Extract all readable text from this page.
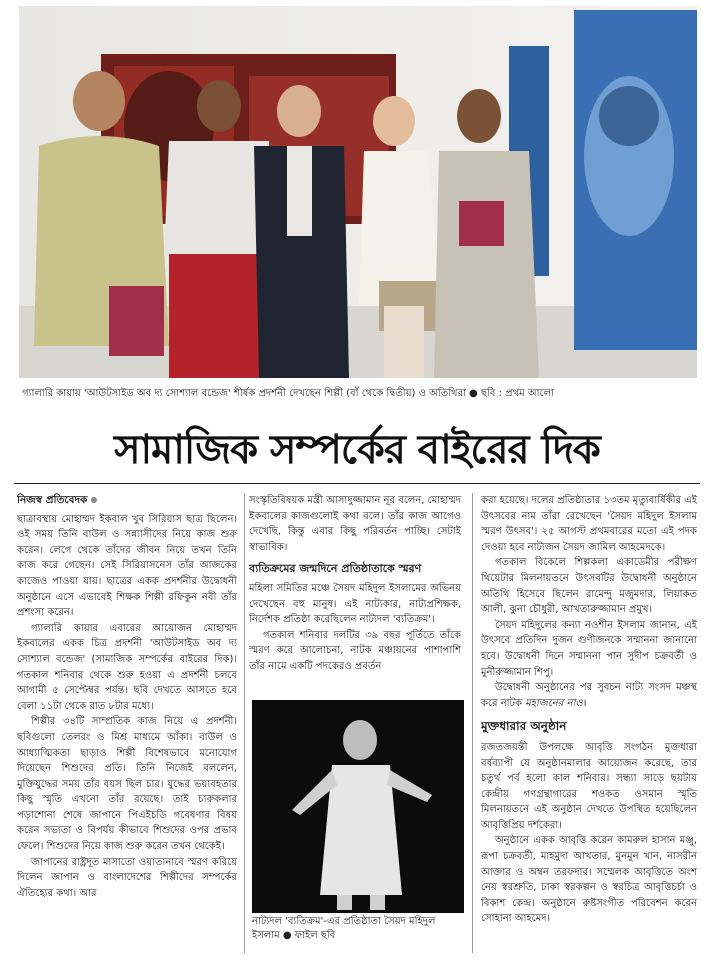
গ্যালারি কায়ায় 'আউটসাইড অব দ্য সোশ্যাল বন্ডেজ' শীর্ষক প্রদর্শনী দেখছেন শিল্পী (বাঁ থেকে দ্বিতীয়) ও অতিথিরা ● ছবি : প্রথম আলো
সামাজিক সম্পর্কের বাইরের দিক
নিজস্ব প্রতিবেদক

ছাত্রাবস্থায় মোহাম্মদ ইকবাল খুব সিরিয়াস ছাত্র ছিলেন। ওই সময় তিনি বাউল ও সন্ন্যাসীদের নিয়ে কাজ শুরু করেন। লেগে থেকে তাঁদের জীবন নিয়ে তখন তিনি কাজ করে গেছেন। সেই সিরিয়াসনেস তাঁর আজকের কাজেও পাওয়া যায়। ছাত্রের একক প্রদর্শনীর উদ্বোধনী অনুষ্ঠানে এসে এভাবেই শিক্ষক শিল্পী রফিকুন নবী তাঁর প্রশংসা করেন।

গ্যালারি কায়ার এবারের আয়োজন মোহাম্মদ ইকবালের একক চিত্র প্রদর্শনী 'আউটসাইড অব দ্য সোশ্যাল বন্ডেজ' (সামাজিক সম্পর্কের বাইরের দিক)। গতকাল শনিবার থেকে শুরু হওয়া এ প্রদর্শনী চলবে আগামী ৫ সেপ্টেম্বর পর্যন্ত। ছবি দেখতে আসতে হবে বেলা ১১টা থেকে রাত ৮টার মধ্যে।

শিল্পীর ৩৪টি সাম্প্রতিক কাজ নিয়ে এ প্রদর্শনী। ছবিগুলো তেলরং ও মিশ্র মাধ্যমে আঁকা। বাউল ও আধ্যাত্মিকতা ছাড়াও শিল্পী বিশেষভাবে মনোযোগ দিয়েছেন শিশুদের প্রতি। তিনি নিজেই বললেন, মুক্তিযুদ্ধের সময় তাঁর বয়স ছিল চার। যুদ্ধের ভয়াবহতার কিছু স্মৃতি এখনো তাঁর রয়েছে। তাই চারুকলার পড়াশোনা শেষে জাপানে পিএইচডি গবেষণার বিষয় করেন সভ্যতা ও বিপর্যয় কীভাবে শিশুদের ওপর প্রভাব ফেলে। শিশুদের নিয়ে কাজ শুরু করেন তখন থেকেই।

জাপানের রাষ্ট্রদূত মাসাতো ওয়াতানাবে স্মরণ করিয়ে দিলেন জাপান ও বাংলাদেশের শিল্পীদের সম্পর্কের ঐতিহ্যের কথা। আর

সংস্কৃতিবিষয়ক মন্ত্রী আসাদুজ্জামান নূর বলেন, মোহাম্মদ ইকবালের কাজগুলোই কথা বলে। তাঁর কাজ আগেও দেখেছি, কিন্তু এবার কিছু পরিবর্তন পাচ্ছি। সেটাই স্বাভাবিক।

ব্যতিক্রমের জন্মদিনে প্রতিষ্ঠাতাকে স্মরণ

মহিলা সমিতির মঞ্চে সৈয়দ মহিদুল ইসলামের অভিনয় দেখেছেন বহু মানুষ। এই নাট্যকার, নাট্যপ্রশিক্ষক, নির্দেশক প্রতিষ্ঠা করেছিলেন নাট্যদল 'ব্যতিক্রম'।

গতকাল শনিবার দলটির ৩৯ বছর পূর্তিতে তাঁকে স্মরণ করে আলোচনা, নাটক মঞ্চায়নের পাশাপাশি তাঁর নামে একটি পদকেরও প্রবর্তন

নাট্যদল 'ব্যতিক্রম'-এর প্রতিষ্ঠাতা সৈয়দ মহিদুল ইসলাম ● ফাইল ছবি

করা হয়েছে। দলের প্রতিষ্ঠাতার ১৩তম মৃত্যুবার্ষিকীর এই উৎসবের নাম তাঁরা রেখেছেন 'সৈয়দ মহিদুল ইসলাম স্মরণ উৎসব'। ২৫ আগস্ট প্রথমবারের মতো এই পদক দেওয়া হবে নাট্যজন সৈয়দ জামিল আহমেদকে।

গতকাল বিকেলে শিল্পকলা একাডেমীর পরীক্ষণ থিয়েটার মিলনায়তনে উৎসবটির উদ্বোধনী অনুষ্ঠানে অতিথি হিসেবে ছিলেন রামেন্দু মজুমদার, লিয়াকত আলী, ঝুনা চৌধুরী, আখতারুজ্জামান প্রমুখ।

সৈয়দ মহিদুলের কন্যা নওশীন ইসলাম জানান, এই উৎসবে প্রতিদিন দুজন গুণীজনকে সম্মাননা জানানো হবে। উদ্বোধনী দিনে সম্মাননা পান সুদীপ চক্রবর্তী ও মুনীরুজ্জামান শিপু।

উদ্বোধনী অনুষ্ঠানের পর সুবচন নাট্য সংসদ মঞ্চস্থ করে নাটক মহাজনের নাও।

মুক্তধারার অনুষ্ঠান

রজতজয়ন্তী উপলক্ষে আবৃত্তি সংগঠন মুক্তধারা বর্ষব্যাপী যে অনুষ্ঠানমালার আয়োজন করেছে, তার চতুর্থ পর্ব হলো কাল শনিবার। সন্ধ্যা সাড়ে ছয়টায় কেন্দ্রীয় গণগ্রন্থাগারের শওকত ওসমান স্মৃতি মিলনায়তনে এই অনুষ্ঠান দেখতে উপস্থিত হয়েছিলেন আবৃত্তিপ্রিয় দর্শকেরা।

অনুষ্ঠানে একক আবৃত্তি করেন কামরুল হাসান মঞ্জু, রূপা চক্রবর্তী, মাহমুদা আখতার, মুনমুন খান, নাসরীন আক্তার ও অম্বন তরফদার। সম্মেলক আবৃত্তিতে অংশ নেয় স্বরশ্রুতি, ঢাকা স্বরকল্পন ও স্বরচিত্র আবৃত্তিচর্চা ও বিকাশ কেন্দ্র। অনুষ্ঠানে রুষ্টসংগীত পরিবেশন করেন সোহানা আহমেদ।
